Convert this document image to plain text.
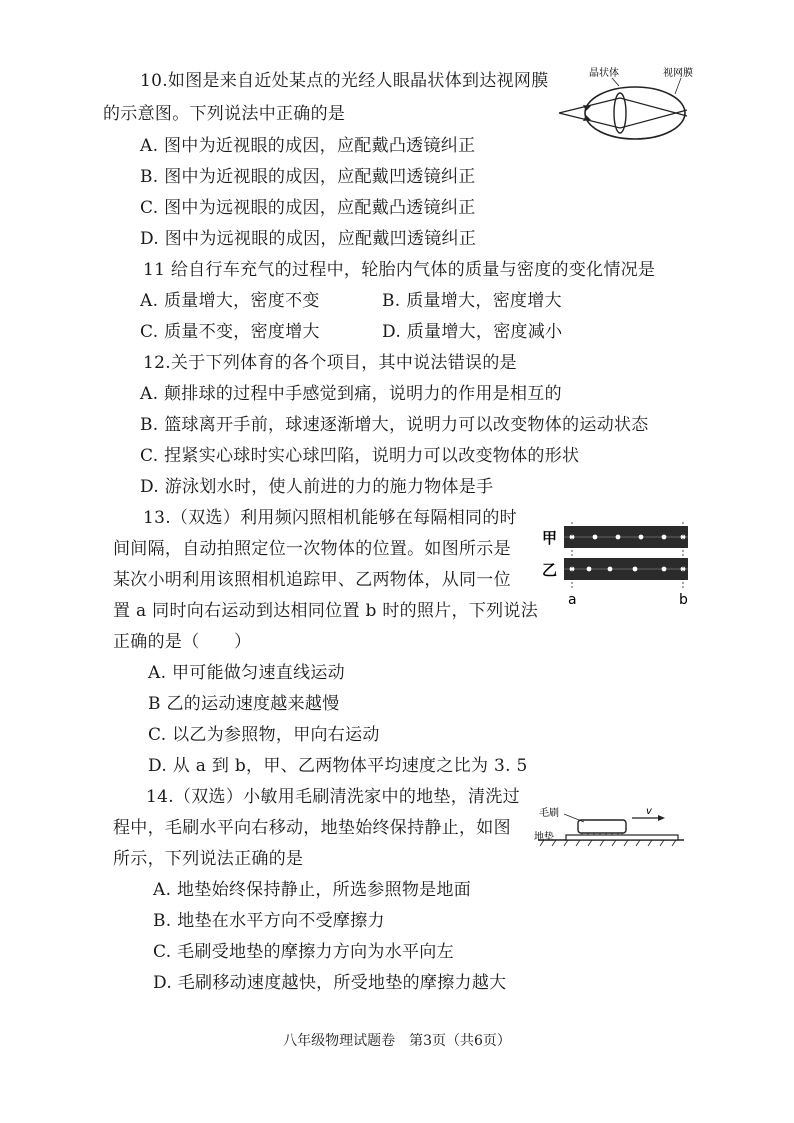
10.如图是来自近处某点的光经人眼晶状体到达视网膜
的示意图。下列说法中正确的是
A. 图中为近视眼的成因，应配戴凸透镜纠正
B. 图中为近视眼的成因，应配戴凹透镜纠正
C. 图中为远视眼的成因，应配戴凸透镜纠正
D. 图中为远视眼的成因，应配戴凹透镜纠正
晶状体	视网膜
11 给自行车充气的过程中，轮胎内气体的质量与密度的变化情况是
A. 质量增大，密度不变	B. 质量增大，密度增大
C. 质量不变，密度增大	D. 质量增大，密度减小
12.关于下列体育的各个项目，其中说法错误的是
A. 颠排球的过程中手感觉到痛，说明力的作用是相互的
B. 篮球离开手前，球速逐渐增大，说明力可以改变物体的运动状态
C. 捏紧实心球时实心球凹陷，说明力可以改变物体的形状
D. 游泳划水时，使人前进的力的施力物体是手
13.（双选）利用频闪照相机能够在每隔相同的时
间间隔，自动拍照定位一次物体的位置。如图所示是
某次小明利用该照相机追踪甲、乙两物体，从同一位
置 a 同时向右运动到达相同位置 b 时的照片，下列说法
正确的是（　　）
A. 甲可能做匀速直线运动
B 乙的运动速度越来越慢
C. 以乙为参照物，甲向右运动
D. 从 a 到 b，甲、乙两物体平均速度之比为 3. 5
甲
乙
a	b
14.（双选）小敏用毛刷清洗家中的地垫，清洗过
程中，毛刷水平向右移动，地垫始终保持静止，如图
所示，下列说法正确的是
A. 地垫始终保持静止，所选参照物是地面
B. 地垫在水平方向不受摩擦力
C. 毛刷受地垫的摩擦力方向为水平向左
D. 毛刷移动速度越快，所受地垫的摩擦力越大
毛刷
地垫
v
八年级物理试题卷　第3页（共6页）
